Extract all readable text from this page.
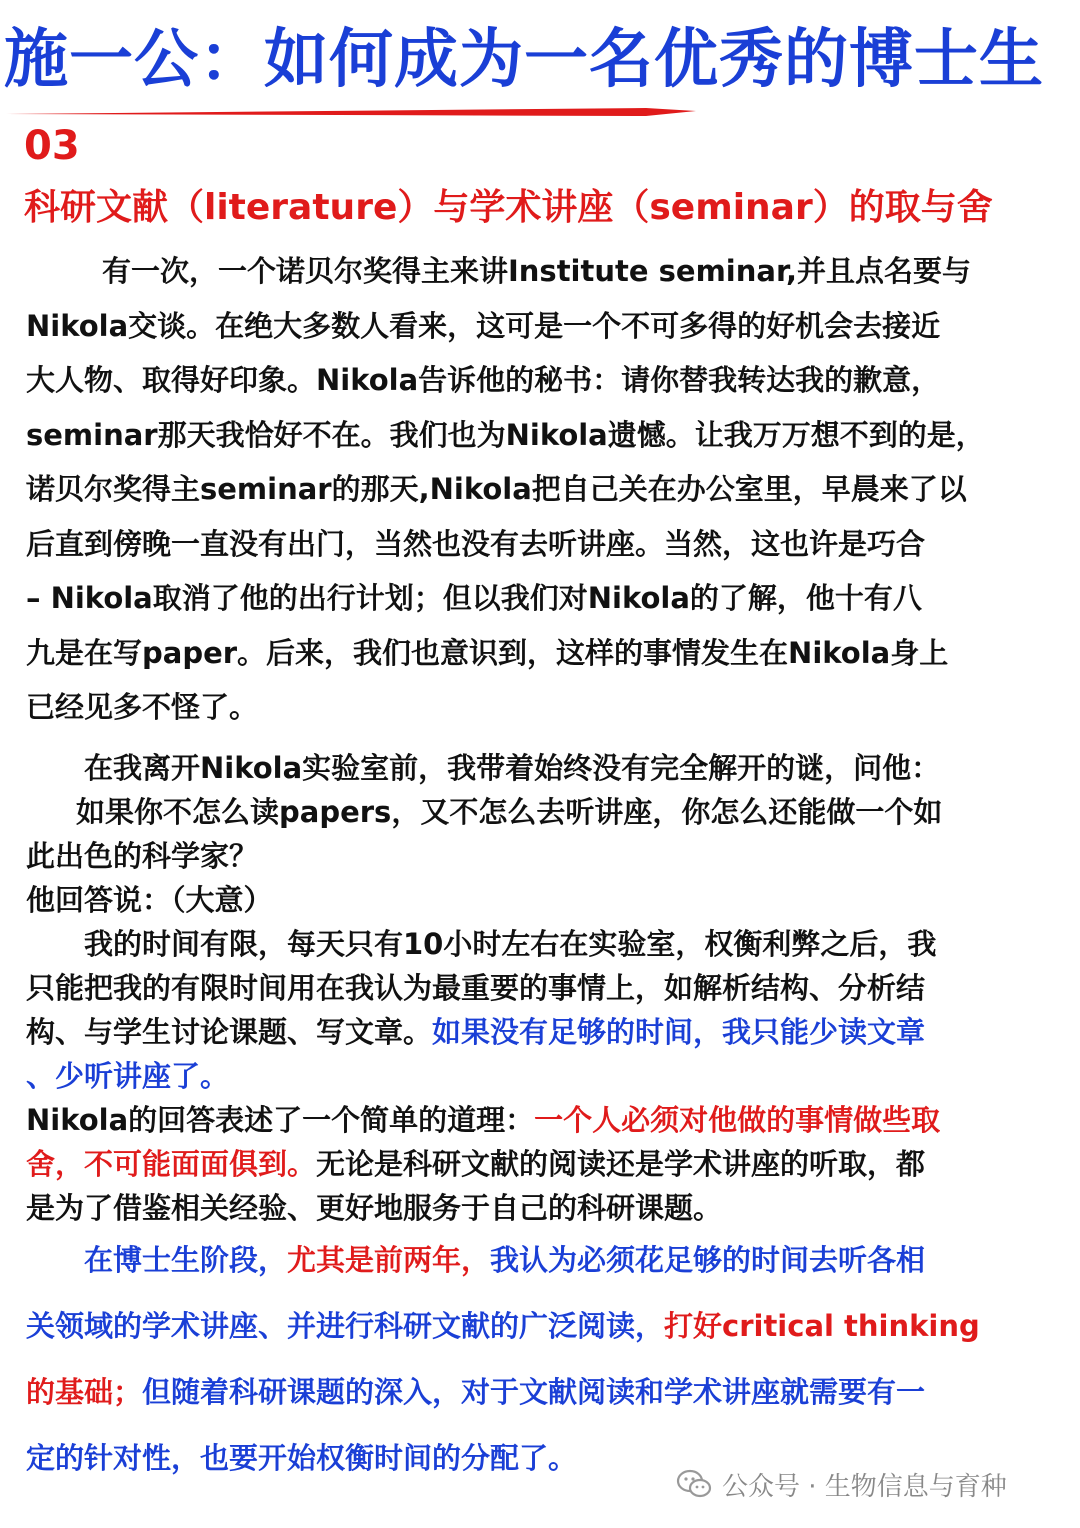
施一公：如何成为一名优秀的博士生
03
科研文献（literature）与学术讲座（seminar）的取与舍
有一次，一个诺贝尔奖得主来讲Institute seminar,并且点名要与
Nikola交谈。在绝大多数人看来，这可是一个不可多得的好机会去接近
大人物、取得好印象。Nikola告诉他的秘书：请你替我转达我的歉意，
seminar那天我恰好不在。我们也为Nikola遗憾。让我万万想不到的是，
诺贝尔奖得主seminar的那天,Nikola把自己关在办公室里，早晨来了以
后直到傍晚一直没有出门，当然也没有去听讲座。当然，这也许是巧合
– Nikola取消了他的出行计划；但以我们对Nikola的了解，他十有八
九是在写paper。后来，我们也意识到，这样的事情发生在Nikola身上
已经见多不怪了。
在我离开Nikola实验室前，我带着始终没有完全解开的谜，问他：
如果你不怎么读papers，又不怎么去听讲座，你怎么还能做一个如
此出色的科学家？
他回答说：（大意）
我的时间有限，每天只有10小时左右在实验室，权衡利弊之后，我
只能把我的有限时间用在我认为最重要的事情上，如解析结构、分析结
构、与学生讨论课题、写文章。如果没有足够的时间，我只能少读文章
、少听讲座了。
Nikola的回答表述了一个简单的道理：一个人必须对他做的事情做些取
舍，不可能面面俱到。无论是科研文献的阅读还是学术讲座的听取，都
是为了借鉴相关经验、更好地服务于自己的科研课题。
在博士生阶段，尤其是前两年，我认为必须花足够的时间去听各相
关领域的学术讲座、并进行科研文献的广泛阅读，打好critical thinking
的基础；但随着科研课题的深入，对于文献阅读和学术讲座就需要有一
定的针对性，也要开始权衡时间的分配了。
公众号 · 生物信息与育种
